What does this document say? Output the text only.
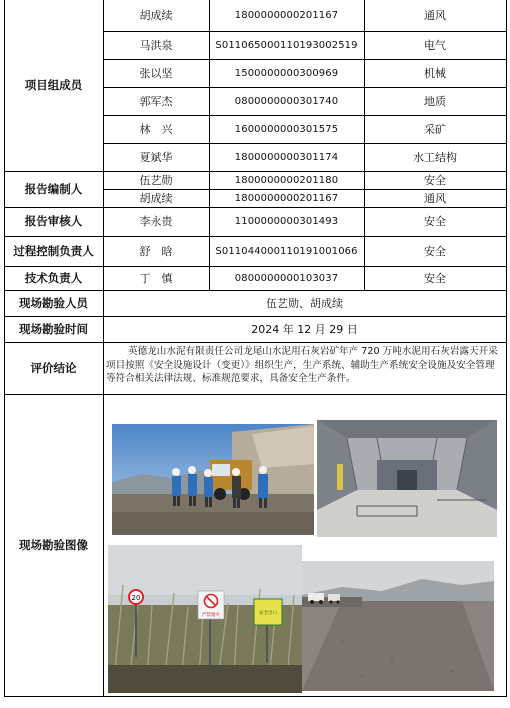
项目组成员
胡成续	1800000000201167	通风
马洪泉	S011065000110193002519	电气
张以坚	1500000000300969	机械
郭军杰	0800000000301740	地质
林　兴	1600000000301575	采矿
夏斌华	1800000000301174	水工结构
报告编制人
伍艺勋	1800000000201180	安全
胡成续	1800000000201167	通风
报告审核人	李永贵	1100000000301493	安全
过程控制负责人	舒　晗	S011044000110191001066	安全
技术负责人	丁　慎	0800000000103037	安全
现场勘验人员	伍艺勋、胡成续
现场勘验时间	2024 年 12 月 29 日
评价结论
英德龙山水泥有限责任公司龙尾山水泥用石灰岩矿年产 720 万吨水泥用石灰岩露天开采项目按照《安全设施设计（变更）》组织生产，生产系统、辅助生产系统安全设施及安全管理等符合相关法律法规、标准规范要求，具备安全生产条件。
现场勘验图像
20
严禁烟火	安全出口
